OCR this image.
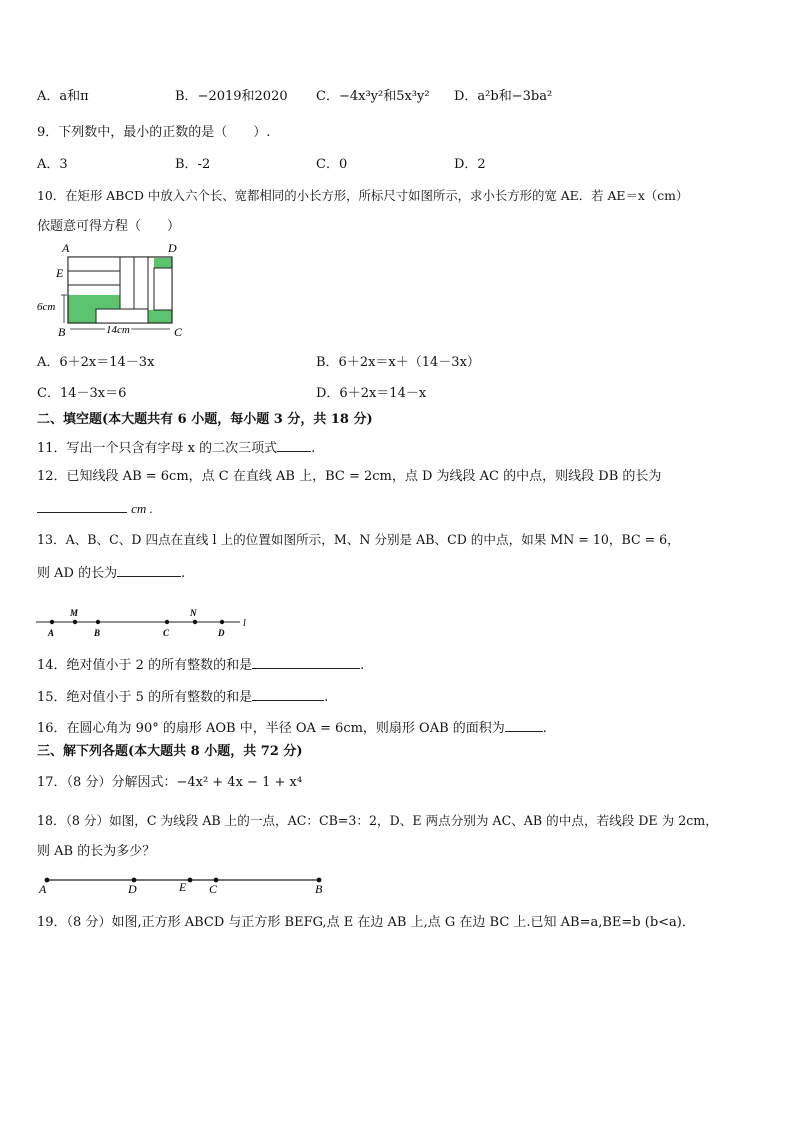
A．a和π	B．−2019和2020 C．−4x³y²和5x³y² D．a²b和−3ba²
9．下列数中，最小的正数的是（　　）.
A．3	B．-2	C．0	D．2
10．在矩形 ABCD 中放入六个长、宽都相同的小长方形，所标尺寸如图所示，求小长方形的宽 AE．若 AE＝x（cm）
依题意可得方程（　　）
A	D
E
6cm
B	14cm	C
A．6＋2x＝14－3x	B．6＋2x＝x＋（14－3x）
C．14－3x＝6	D．6＋2x＝14－x
二、填空题(本大题共有 6 小题，每小题 3 分，共 18 分)
11．写出一个只含有字母 x 的二次三项式	.
12．已知线段 AB = 6cm，点 C 在直线 AB 上，BC = 2cm，点 D 为线段 AC 的中点，则线段 DB 的长为
cm .
13．A、B、C、D 四点在直线 l 上的位置如图所示，M、N 分别是 AB、CD 的中点，如果 MN = 10，BC = 6，
则 AD 的长为	.
M	N
A	B	C	D
l
14．绝对值小于 2 的所有整数的和是	.
15．绝对值小于 5 的所有整数的和是	.
16．在圆心角为 90° 的扇形 AOB 中，半径 OA = 6cm，则扇形 OAB 的面积为	.
三、解下列各题(本大题共 8 小题，共 72 分)
17．（8 分）分解因式：−4x² + 4x − 1 + x⁴
18．（8 分）如图，C 为线段 AB 上的一点，AC：CB=3：2，D、E 两点分别为 AC、AB 的中点，若线段 DE 为 2cm，
则 AB 的长为多少？
A	D	E C	B
19．（8 分）如图,正方形 ABCD 与正方形 BEFG,点 E 在边 AB 上,点 G 在边 BC 上.已知 AB=a,BE=b (b<a)．
